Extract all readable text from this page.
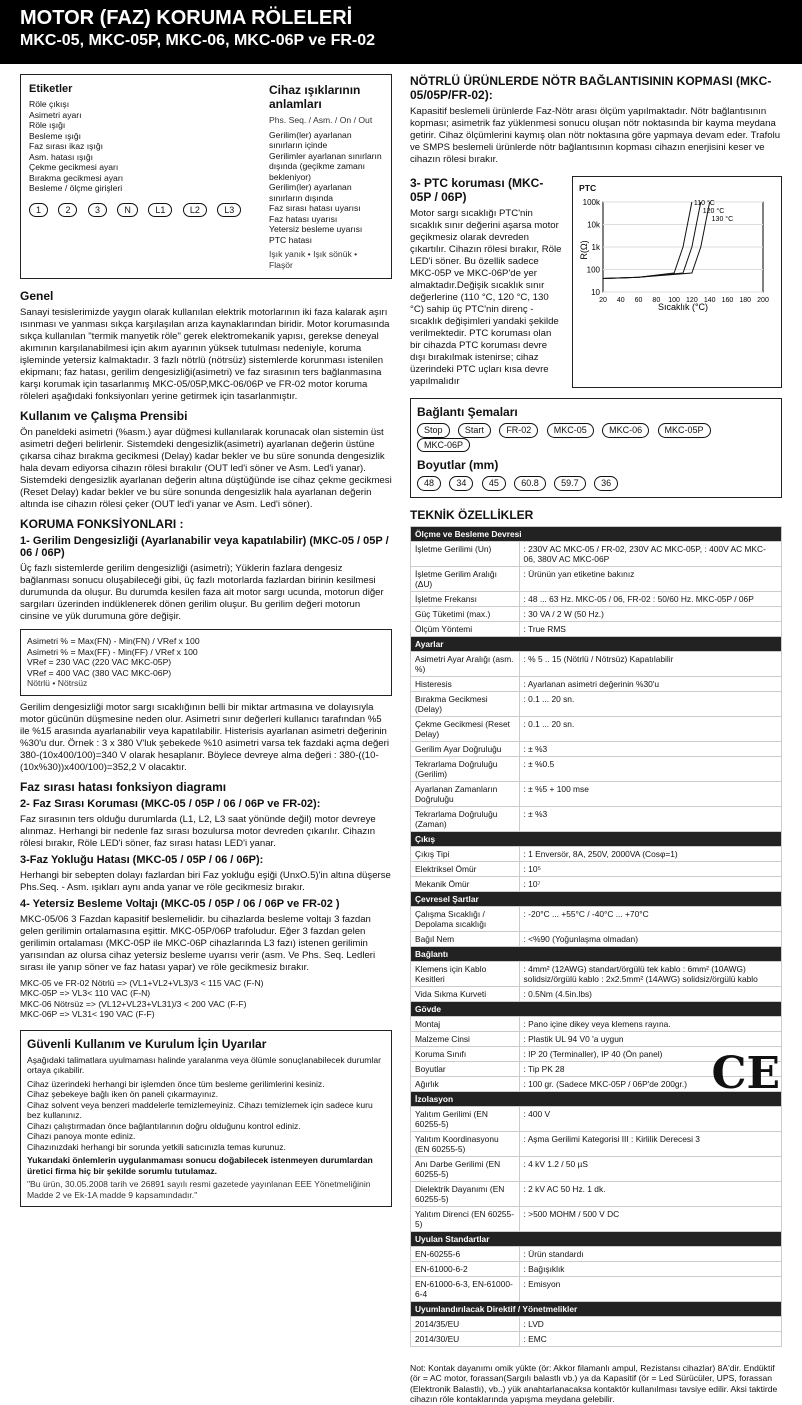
MOTOR (FAZ) KORUMA RÖLELERİ
MKC-05, MKC-05P, MKC-06, MKC-06P ve FR-02
Etiketler
Röle çıkışı
Asimetri ayarı
Röle ışığı
Besleme ışığı
Faz sırası ikaz ışığı
Asm. hatası ışığı
Çekme gecikmesi ayarı
Bırakma gecikmesi ayarı
Besleme / ölçme girişleri
1	2	3	N	L1	L2	L3
Cihaz ışıklarının anlamları
Phs. Seq. / Asm. / On / Out
Gerilim(ler) ayarlanan sınırların içinde
Gerilimler ayarlanan sınırların dışında (geçikme zamanı bekleniyor)
Gerilim(ler) ayarlanan sınırların dışında
Faz sırası hatası uyarısı
Faz hatası uyarısı
Yetersiz besleme uyarısı
PTC hatası
Işık yanık • Işık sönük • Flaşör
Genel
Sanayi tesislerimizde yaygın olarak kullanılan elektrik motorlarının iki faza kalarak aşırı ısınması ve yanması sıkça karşılaşılan arıza kaynaklarından biridir. Motor korumasında sıkça kullanılan "termik manyetik röle" gerek elektromekanik yapısı, gerekse deneyal akımının karşılanabilmesi için akım ayarının yüksek tutulması nedeniyle, koruma işleminde yetersiz kalmaktadır. 3 fazlı nötrlü (nötrsüz) sistemlerde korunması istenilen ekipmanı; faz hatası, gerilim dengesizliği(asimetri) ve faz sırasının ters bağlanmasına karşı korumak için tasarlanmış MKC-05/05P,MKC-06/06P ve FR-02 motor koruma röleleri aşağıdaki fonksiyonları yerine getirmek için tasarlanmıştır.
Kullanım ve Çalışma Prensibi
Ön paneldeki asimetri (%asm.) ayar düğmesi kullanılarak korunacak olan sistemin üst asimetri değeri belirlenir. Sistemdeki dengesizlik(asimetri) ayarlanan değerin üstüne çıkarsa cihaz bırakma gecikmesi (Delay) kadar bekler ve bu süre sonunda dengesizlik hala devam ediyorsa cihazın rölesi bırakılır (OUT led'i söner ve Asm. Led'i yanar). Sistemdeki dengesizlik ayarlanan değerin altına düştüğünde ise cihaz çekme gecikmesi (Reset Delay) kadar bekler ve bu süre sonunda dengesizlik hala ayarlanan değerin altında ise cihazın rölesi çeker (OUT led'i yanar ve Asm. Led'i söner).
KORUMA FONKSİYONLARI :
1- Gerilim Dengesizliği (Ayarlanabilir veya kapatılabilir) (MKC-05 / 05P / 06 / 06P)
Üç fazlı sistemlerde gerilim dengesizliği (asimetri); Yüklerin fazlara dengesiz bağlanması sonucu oluşabileceği gibi, üç fazlı motorlarda fazlardan birinin kesilmesi durumunda da oluşur. Bu durumda kesilen faza ait motor sargı ucunda, motorun diğer sargıları üzerinden indüklenerek dönen gerilim oluşur. Bu gerilim değeri motorun cinsine ve yük durumuna göre değişir.
Asimetri % = Max(FN) - Min(FN) / VRef x 100
Asimetri % = Max(FF) - Min(FF) / VRef x 100
VRef = 230 VAC (220 VAC MKC-05P)
VRef = 400 VAC (380 VAC MKC-06P)
Nötrlü • Nötrsüz
Gerilim dengesizliği motor sargı sıcaklığının belli bir miktar artmasına ve dolayısıyla motor gücünün düşmesine neden olur. Asimetri sınır değerleri kullanıcı tarafından %5 ile %15 arasında ayarlanabilir veya kapatılabilir. Histerisis ayarlanan asimetri değerinin %30'u dur. Örnek : 3 x 380 V'luk şebekede %10 asimetri varsa tek fazdaki açma değeri 380-(10x400/100)=340 V olarak hesaplanır. Böylece devreye alma değeri : 380-((10-(10x%30))x400/100)=352,2 V olacaktır.
Faz sırası hatası fonksiyon diagramı
2- Faz Sırası Koruması (MKC-05 / 05P / 06 / 06P ve FR-02):
Faz sırasının ters olduğu durumlarda (L1, L2, L3 saat yönünde değil) motor devreye alınmaz. Herhangi bir nedenle faz sırası bozulursa motor devreden çıkarılır. Cihazın rölesi bırakır, Röle LED'i söner, faz sırası hatası LED'i yanar.
3-Faz Yokluğu Hatası (MKC-05 / 05P / 06 / 06P):
Herhangi bir sebepten dolayı fazlardan biri Faz yokluğu eşiği (UnxO.5)'in altına düşerse Phs.Seq. - Asm. ışıkları aynı anda yanar ve röle gecikmesiz bırakır.
4- Yetersiz Besleme Voltajı (MKC-05 / 05P / 06 / 06P ve FR-02 )
MKC-05/06 3 Fazdan kapasitif beslemelidir. bu cihazlarda besleme voltajı 3 fazdan gelen gerilimin ortalamasına eşittir. MKC-05P/06P trafoludur. Eğer 3 fazdan gelen gerilimin ortalaması (MKC-05P ile MKC-06P cihazlarında L3 fazı) istenen gerilimin yarısından az olursa cihaz yetersiz besleme uyarısı verir (asm. Ve Phs. Seq. Ledleri sırası ile yanıp söner ve faz hatası yapar) ve röle gecikmesiz bırakır.
MKC-05 ve FR-02 Nötrlü => (VL1+VL2+VL3)/3 < 115 VAC (F-N)
MKC-05P => VL3< 110 VAC (F-N)
MKC-06 Nötrsüz => (VL12+VL23+VL31)/3 < 200 VAC (F-F)
MKC-06P => VL31< 190 VAC (F-F)
Güvenli Kullanım ve Kurulum İçin Uyarılar
Aşağıdaki talimatlara uyulmaması halinde yaralanma veya ölümle sonuçlanabilecek durumlar ortaya çıkabilir.
Cihaz üzerindeki herhangi bir işlemden önce tüm besleme gerilimlerini kesiniz.
Cihaz şebekeye bağlı iken ön paneli çıkarmayınız.
Cihaz solvent veya benzeri maddelerle temizlemeyiniz. Cihazı temizlemek için sadece kuru bez kullanınız.
Cihazı çalıştırmadan önce bağlantılarının doğru olduğunu kontrol ediniz.
Cihazı panoya monte ediniz.
Cihazınızdaki herhangi bir sorunda yetkili satıcınızla temas kurunuz.
Yukarıdaki önlemlerin uygulanmaması sonucu doğabilecek istenmeyen durumlardan üretici firma hiç bir şekilde sorumlu tutulamaz.
"Bu ürün, 30.05.2008 tarih ve 26891 sayılı resmi gazetede yayınlanan EEE Yönetmeliğinin Madde 2 ve Ek-1A madde 9 kapsamındadır."
NÖTRLÜ ÜRÜNLERDE NÖTR BAĞLANTISININ KOPMASI (MKC-05/05P/FR-02):
Kapasitif beslemeli ürünlerde Faz-Nötr arası ölçüm yapılmaktadır. Nötr bağlantısının kopması; asimetrik faz yüklenmesi sonucu oluşan nötr noktasında bir kayma meydana getirir. Cihaz ölçümlerini kaymış olan nötr noktasına göre yapmaya devam eder. Trafolu ve SMPS beslemeli ürünlerde nötr bağlantısının kopması cihazın enerjisini keser ve cihazın rölesi bırakır.
3- PTC koruması (MKC-05P / 06P)
Motor sargı sıcaklığı PTC'nin sıcaklık sınır değerini aşarsa motor geçikmesiz olarak devreden çıkartılır. Cihazın rölesi bırakır, Röle LED'i söner. Bu özellik sadece MKC-05P ve MKC-06P'de yer almaktadır.Değişik sıcaklık sınır değerlerine (110 °C, 120 °C, 130 °C) sahip üç PTC'nin direnç - sıcaklık değişimleri yandaki şekilde verilmektedir. PTC koruması olan bir cihazda PTC koruması devre dışı bırakılmak istenirse; cihaz üzerindeki PTC uçları kısa devre yapılmalıdır
PTC
110 °C
120 °C
130 °C
10
100
1k
10k
100k
20 40 60 80 100 120 140 160 180 200
Sıcaklık (°C)
R(Ω)
Bağlantı Şemaları
Stop Start FR-02 MKC-05 MKC-06 MKC-05P MKC-06P
Boyutlar (mm)
48 34 45 60.8 59.7 36
TEKNİK ÖZELLİKLER
Ölçme ve Besleme Devresi	
İşletme Gerilimi (Un)	: 230V AC MKC-05 / FR-02, 230V AC MKC-05P, : 400V AC MKC-06, 380V AC MKC-06P
İşletme Gerilim Aralığı (ΔU)	: Ürünün yan etiketine bakınız
İşletme Frekansı	: 48 ... 63 Hz. MKC-05 / 06, FR-02 : 50/60 Hz. MKC-05P / 06P
Güç Tüketimi (max.)	: 30 VA / 2 W (50 Hz.)
Ölçüm Yöntemi	: True RMS
Ayarlar	
Asimetri Ayar Aralığı (asm. %)	: % 5 .. 15 (Nötrlü / Nötrsüz) Kapatılabilir
Histeresis	: Ayarlanan asimetri değerinin %30'u
Bırakma Gecikmesi (Delay)	: 0.1 ... 20 sn.
Çekme Gecikmesi (Reset Delay)	: 0.1 ... 20 sn.
Gerilim Ayar Doğruluğu	: ± %3
Tekrarlama Doğruluğu (Gerilim)	: ± %0.5
Ayarlanan Zamanların Doğruluğu	: ± %5 + 100 mse
Tekrarlama Doğruluğu (Zaman)	: ± %3
Çıkış	
Çıkış Tipi	: 1 Enversör, 8A, 250V, 2000VA (Cosφ=1)
Elektriksel Ömür	: 10⁵
Mekanik Ömür	: 10⁷
Çevresel Şartlar	
Çalışma Sıcaklığı / Depolama sıcaklığı	: -20°C ... +55°C / -40°C ... +70°C
Bağıl Nem	: <%90 (Yoğunlaşma olmadan)
Bağlantı	
Klemens için Kablo Kesitleri	: 4mm² (12AWG) standart/örgülü tek kablo : 6mm² (10AWG) solidsiz/örgülü kablo : 2x2.5mm² (14AWG) solidsiz/örgülü kablo
Vida Sıkma Kurveti	: 0.5Nm (4.5in.lbs)
Gövde	
Montaj	: Pano içine dikey veya klemens rayına.
Malzeme Cinsi	: Plastik UL 94 V0 'a uygun
Koruma Sınıfı	: IP 20 (Terminaller), IP 40 (Ön panel)
Boyutlar	: Tip PK 28
Ağırlık	: 100 gr. (Sadece MKC-05P / 06P'de 200gr.)
İzolasyon	
Yalıtım Gerilimi (EN 60255-5)	: 400 V
Yalıtım Koordinasyonu (EN 60255-5)	: Aşma Gerilimi Kategorisi III : Kirlilik Derecesi 3
Anı Darbe Gerilimi (EN 60255-5)	: 4 kV 1.2 / 50 µS
Dielektrik Dayanımı (EN 60255-5)	: 2 kV AC 50 Hz. 1 dk.
Yalıtım Direnci (EN 60255-5)	: >500 MOHM / 500 V DC
Uyulan Standartlar	
EN-60255-6	: Ürün standardı
EN-61000-6-2	: Bağışıklık
EN-61000-6-3, EN-61000-6-4	: Emisyon
Uyumlandırılacak Direktif / Yönetmelikler	
2014/35/EU	: LVD
2014/30/EU	: EMC
Not: Kontak dayanımı omik yükte (ör: Akkor filamanlı ampul, Rezistansı cihazlar) 8A'dir. Endüktif (ör = AC motor, forassan(Sargılı balastlı vb.) ya da Kapasitif (ör = Led Sürücüler, UPS, forassan (Elektronik Balastlı), vb..) yük anahtarlanacaksa kontaktör kullanılması tavsiye edilir. Aksi taktirde cihazın röle kontaklarında yapışma meydana gelebilir.
CE
